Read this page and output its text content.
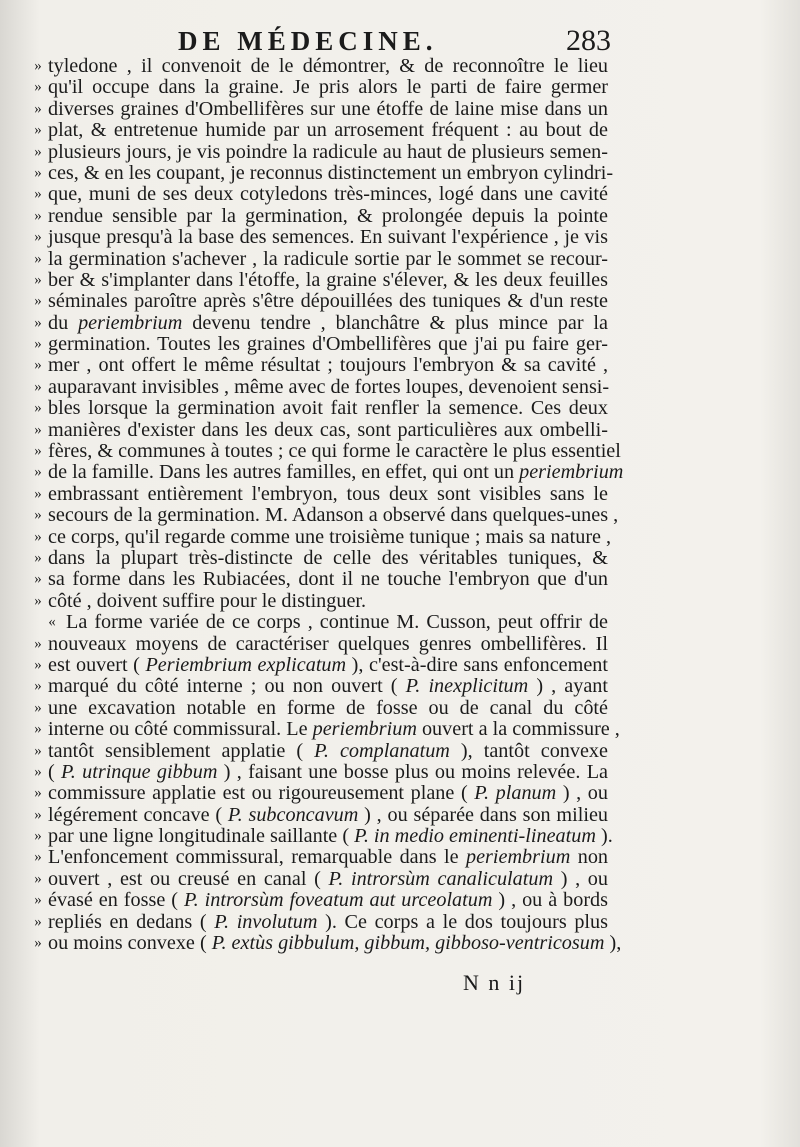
DE MÉDECINE.	283
» tyledone , il convenoit de le démontrer, & de reconnoître le lieu
» qu'il occupe dans la graine. Je pris alors le parti de faire germer
» diverses graines d'Ombellifères sur une étoffe de laine mise dans un
» plat, & entretenue humide par un arrosement fréquent : au bout de
» plusieurs jours, je vis poindre la radicule au haut de plusieurs semen-
» ces, & en les coupant, je reconnus distinctement un embryon cylindri-
» que, muni de ses deux cotyledons très-minces, logé dans une cavité
» rendue sensible par la germination, & prolongée depuis la pointe
» jusque presqu'à la base des semences. En suivant l'expérience , je vis
» la germination s'achever , la radicule sortie par le sommet se recour-
» ber & s'implanter dans l'étoffe, la graine s'élever, & les deux feuilles
» séminales paroître après s'être dépouillées des tuniques & d'un reste
» du periembrium devenu tendre , blanchâtre & plus mince par la
» germination. Toutes les graines d'Ombellifères que j'ai pu faire ger-
» mer , ont offert le même résultat ; toujours l'embryon & sa cavité ,
» auparavant invisibles , même avec de fortes loupes, devenoient sensi-
» bles lorsque la germination avoit fait renfler la semence. Ces deux
» manières d'exister dans les deux cas, sont particulières aux ombelli-
» fères, & communes à toutes ; ce qui forme le caractère le plus essentiel
» de la famille. Dans les autres familles, en effet, qui ont un periembrium
» embrassant entièrement l'embryon, tous deux sont visibles sans le
» secours de la germination. M. Adanson a observé dans quelques-unes ,
» ce corps, qu'il regarde comme une troisième tunique ; mais sa nature ,
» dans la plupart très-distincte de celle des véritables tuniques, &
» sa forme dans les Rubiacées, dont il ne touche l'embryon que d'un
» côté , doivent suffire pour le distinguer.
« La forme variée de ce corps , continue M. Cusson, peut offrir de
» nouveaux moyens de caractériser quelques genres ombellifères. Il
» est ouvert ( Periembrium explicatum ), c'est-à-dire sans enfoncement
» marqué du côté interne ; ou non ouvert ( P. inexplicitum ) , ayant
» une excavation notable en forme de fosse ou de canal du côté
» interne ou côté commissural. Le periembrium ouvert a la commissure ,
» tantôt sensiblement applatie ( P. complanatum ), tantôt convexe
» ( P. utrinque gibbum ) , faisant une bosse plus ou moins relevée. La
» commissure applatie est ou rigoureusement plane ( P. planum ) , ou
» légérement concave ( P. subconcavum ) , ou séparée dans son milieu
» par une ligne longitudinale saillante ( P. in medio eminenti-lineatum ).
» L'enfoncement commissural, remarquable dans le periembrium non
» ouvert , est ou creusé en canal ( P. introrsùm canaliculatum ) , ou
» évasé en fosse ( P. introrsùm foveatum aut urceolatum ) , ou à bords
» repliés en dedans ( P. involutum ). Ce corps a le dos toujours plus
» ou moins convexe ( P. extùs gibbulum, gibbum, gibboso-ventricosum ),
N n ij
